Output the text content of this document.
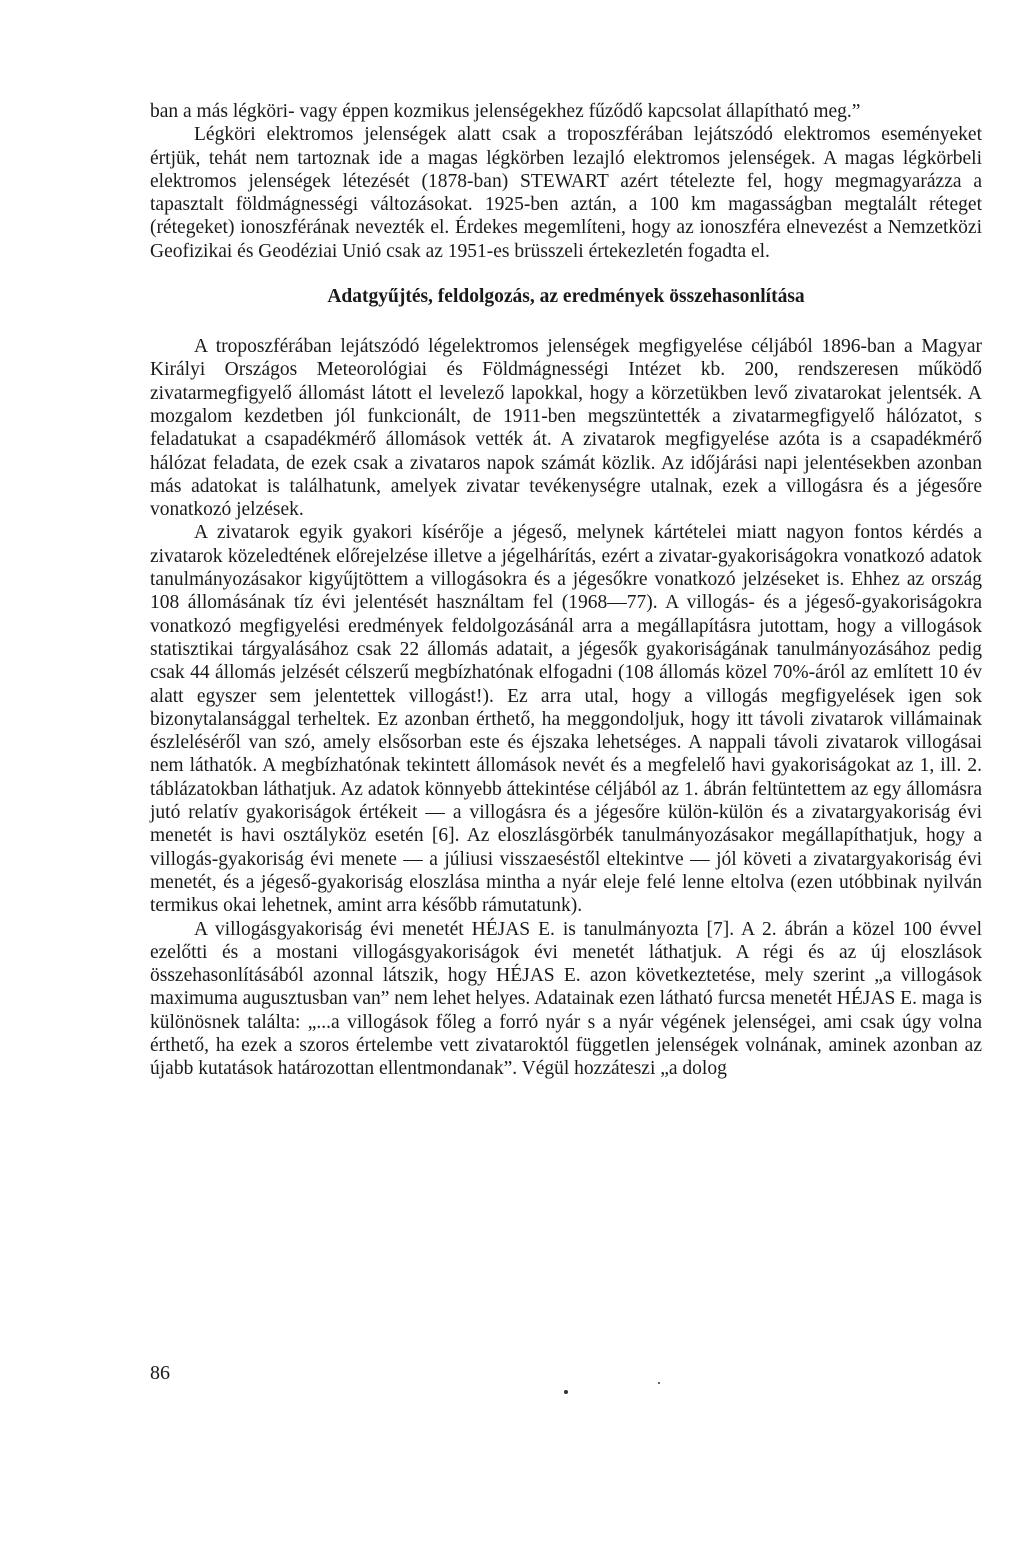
ban a más légköri- vagy éppen kozmikus jelenségekhez fűződő kapcsolat állapítható meg.”

Légköri elektromos jelenségek alatt csak a troposzférában lejátszódó elektromos eseményeket értjük, tehát nem tartoznak ide a magas légkörben lezajló elektromos jelenségek. A magas légkörbeli elektromos jelenségek létezését (1878-ban) STEWART azért tételezte fel, hogy megmagyarázza a tapasztalt földmágnességi változásokat. 1925-ben aztán, a 100 km magasságban megtalált réteget (rétegeket) ionoszférának nevezték el. Érdekes megemlíteni, hogy az ionoszféra elnevezést a Nemzetközi Geofizikai és Geodéziai Unió csak az 1951-es brüsszeli értekezletén fogadta el.

Adatgyűjtés, feldolgozás, az eredmények összehasonlítása

A troposzférában lejátszódó légelektromos jelenségek megfigyelése céljából 1896-ban a Magyar Királyi Országos Meteorológiai és Földmágnességi Intézet kb. 200, rendszeresen működő zivatarmegfigyelő állomást látott el levelező lapokkal, hogy a körzetükben levő zivatarokat jelentsék. A mozgalom kezdetben jól funkcionált, de 1911-ben megszüntették a zivatarmegfigyelő hálózatot, s feladatukat a csapadékmérő állomások vették át. A zivatarok megfigyelése azóta is a csapadékmérő hálózat feladata, de ezek csak a zivataros napok számát közlik. Az időjárási napi jelentésekben azonban más adatokat is találhatunk, amelyek zivatar tevékenységre utalnak, ezek a villogásra és a jégesőre vonatkozó jelzések.

A zivatarok egyik gyakori kísérője a jégeső, melynek kártételei miatt nagyon fontos kérdés a zivatarok közeledtének előrejelzése illetve a jégelhárítás, ezért a zivatar-gyakoriságokra vonatkozó adatok tanulmányozásakor kigyűjtöttem a villogásokra és a jégesőkre vonatkozó jelzéseket is. Ehhez az ország 108 állomásának tíz évi jelentését használtam fel (1968—77). A villogás- és a jégeső-gyakoriságokra vonatkozó megfigyelési eredmények feldolgozásánál arra a megállapításra jutottam, hogy a villogások statisztikai tárgyalásához csak 22 állomás adatait, a jégesők gyakoriságának tanulmányozásához pedig csak 44 állomás jelzését célszerű megbízhatónak elfogadni (108 állomás közel 70%-áról az említett 10 év alatt egyszer sem jelentettek villogást!). Ez arra utal, hogy a villogás megfigyelések igen sok bizonytalansággal terheltek. Ez azonban érthető, ha meggondoljuk, hogy itt távoli zivatarok villámainak észleléséről van szó, amely elsősorban este és éjszaka lehetséges. A nappali távoli zivatarok villogásai nem láthatók. A megbízhatónak tekintett állomások nevét és a megfelelő havi gyakoriságokat az 1, ill. 2. táblázatokban láthatjuk. Az adatok könnyebb áttekintése céljából az 1. ábrán feltüntettem az egy állomásra jutó relatív gyakoriságok értékeit — a villogásra és a jégesőre külön-külön és a zivatargyakoriság évi menetét is havi osztályköz esetén [6]. Az eloszlásgörbék tanulmányozásakor megállapíthatjuk, hogy a villogás-gyakoriság évi menete — a júliusi visszaeséstől eltekintve — jól követi a zivatargyakoriság évi menetét, és a jégeső-gyakoriság eloszlása mintha a nyár eleje felé lenne eltolva (ezen utóbbinak nyilván termikus okai lehetnek, amint arra később rámutatunk).

A villogásgyakoriság évi menetét HÉJAS E. is tanulmányozta [7]. A 2. ábrán a közel 100 évvel ezelőtti és a mostani villogásgyakoriságok évi menetét láthatjuk. A régi és az új eloszlások összehasonlításából azonnal látszik, hogy HÉJAS E. azon következtetése, mely szerint „a villogások maximuma augusztusban van” nem lehet helyes. Adatainak ezen látható furcsa menetét HÉJAS E. maga is különösnek találta: „...a villogások főleg a forró nyár s a nyár végének jelenségei, ami csak úgy volna érthető, ha ezek a szoros értelembe vett zivataroktól független jelenségek volnának, aminek azonban az újabb kutatások határozottan ellentmondanak”. Végül hozzáteszi „a dolog

86
